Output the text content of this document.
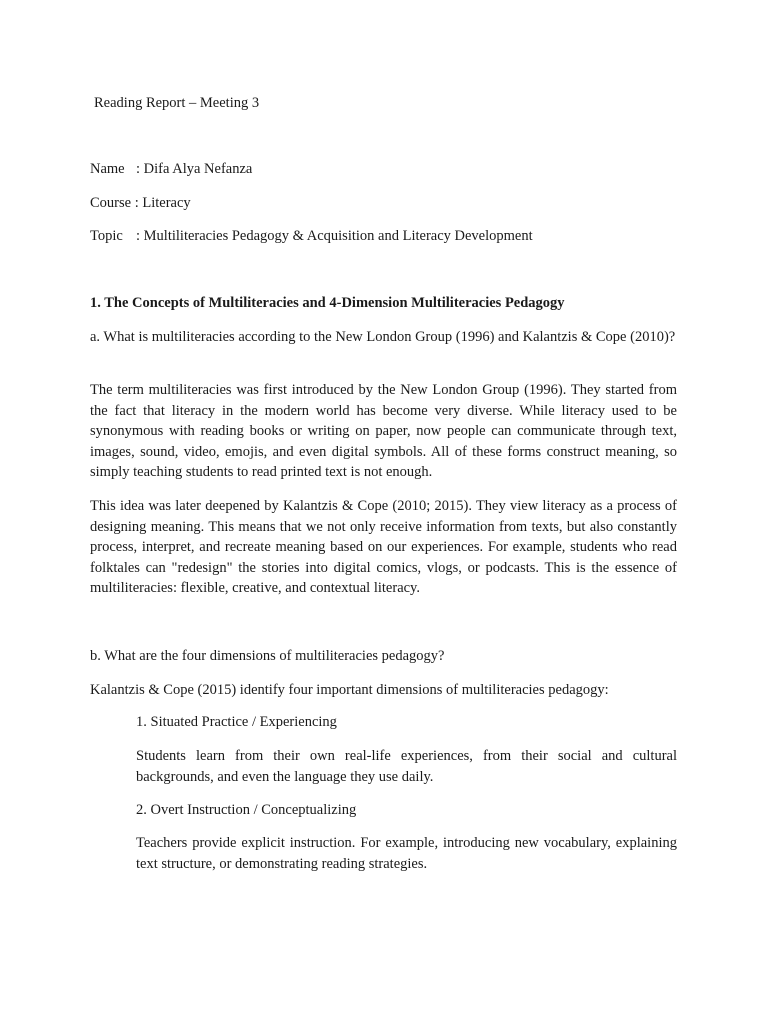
Reading Report – Meeting 3
Name : Difa Alya Nefanza
Course : Literacy
Topic : Multiliteracies Pedagogy & Acquisition and Literacy Development
1. The Concepts of Multiliteracies and 4-Dimension Multiliteracies Pedagogy

a. What is multiliteracies according to the New London Group (1996) and Kalantzis & Cope (2010)?

The term multiliteracies was first introduced by the New London Group (1996). They started from the fact that literacy in the modern world has become very diverse. While literacy used to be synonymous with reading books or writing on paper, now people can communicate through text, images, sound, video, emojis, and even digital symbols. All of these forms construct meaning, so simply teaching students to read printed text is not enough.

This idea was later deepened by Kalantzis & Cope (2010; 2015). They view literacy as a process of designing meaning. This means that we not only receive information from texts, but also constantly process, interpret, and recreate meaning based on our experiences. For example, students who read folktales can "redesign" the stories into digital comics, vlogs, or podcasts. This is the essence of multiliteracies: flexible, creative, and contextual literacy.

b. What are the four dimensions of multiliteracies pedagogy?

Kalantzis & Cope (2015) identify four important dimensions of multiliteracies pedagogy:

1. Situated Practice / Experiencing

Students learn from their own real-life experiences, from their social and cultural backgrounds, and even the language they use daily.

2. Overt Instruction / Conceptualizing

Teachers provide explicit instruction. For example, introducing new vocabulary, explaining text structure, or demonstrating reading strategies.
